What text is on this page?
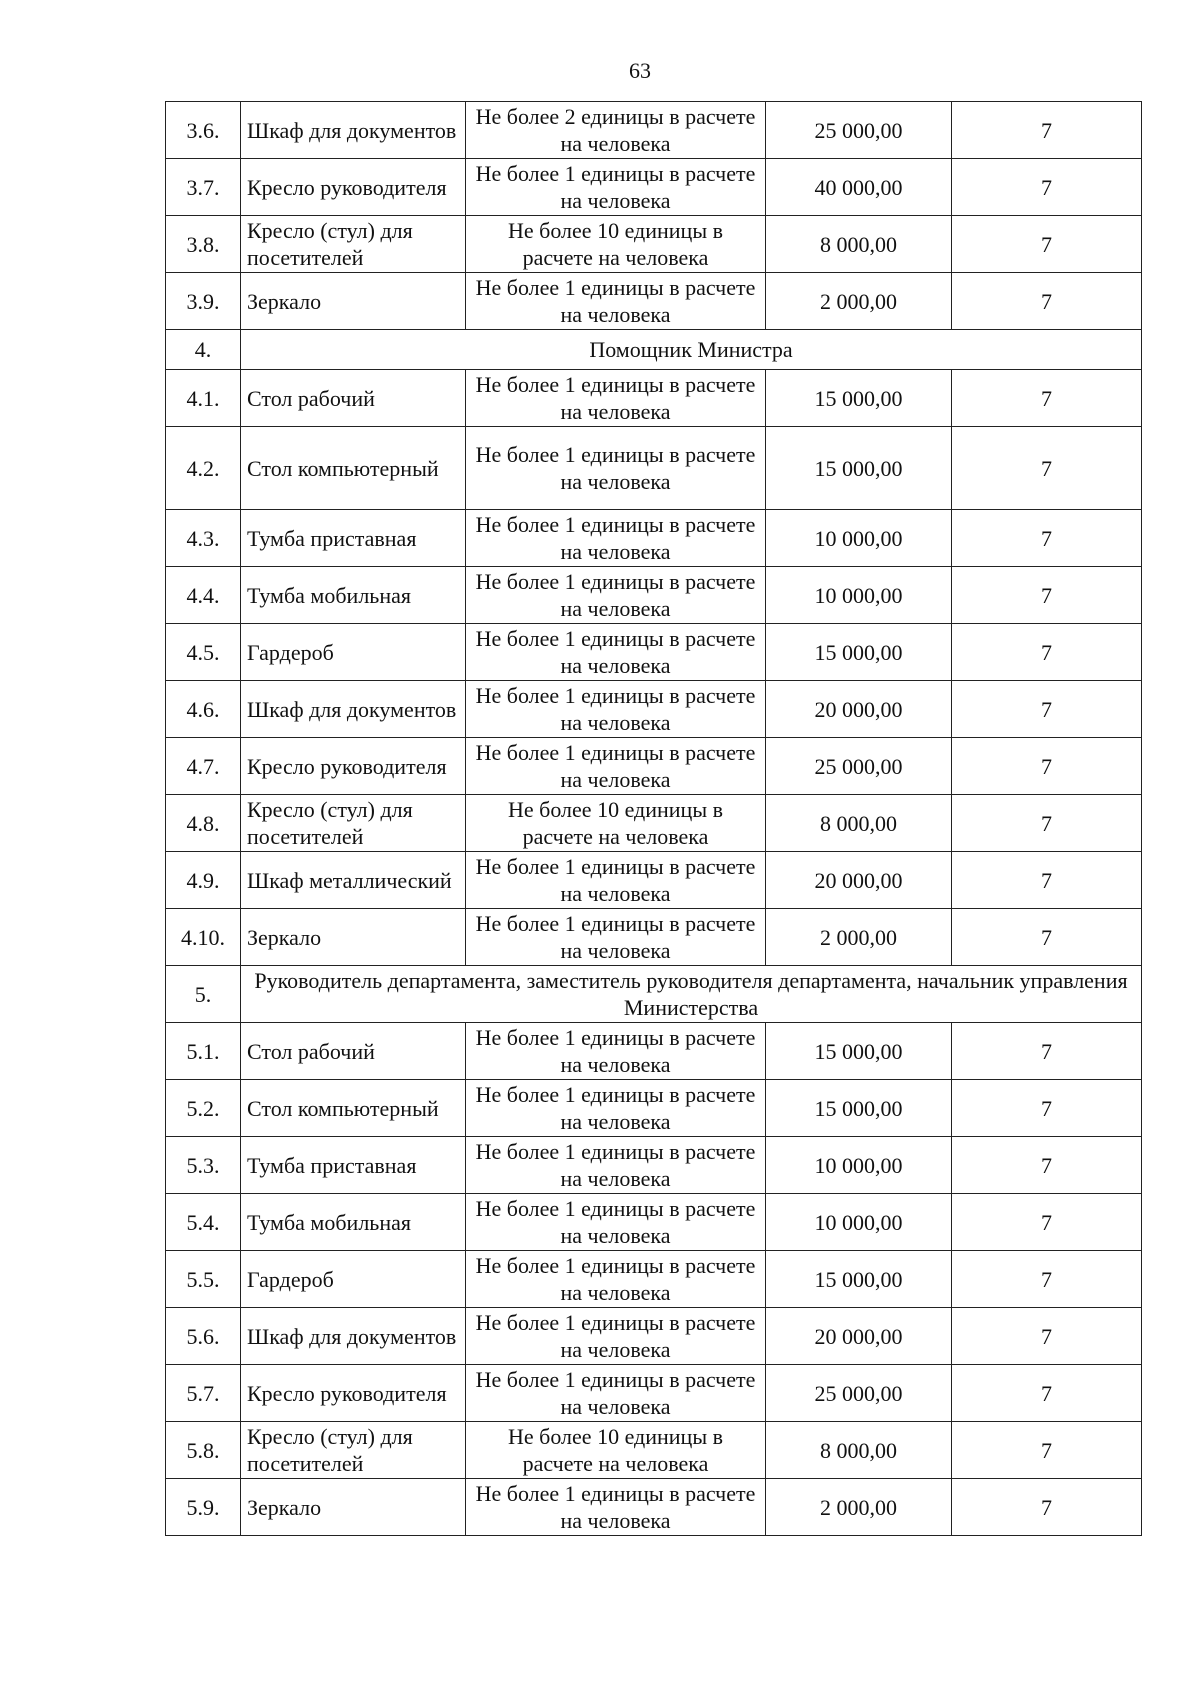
63
3.6.	Шкаф для документов	Не более 2 единицы в расчете на человека	25 000,00	7
3.7.	Кресло руководителя	Не более 1 единицы в расчете на человека	40 000,00	7
3.8.	Кресло (стул) для посетителей	Не более 10 единицы в расчете на человека	8 000,00	7
3.9.	Зеркало	Не более 1 единицы в расчете на человека	2 000,00	7
4.	Помощник Министра			
4.1.	Стол рабочий	Не более 1 единицы в расчете на человека	15 000,00	7
4.2.	Стол компьютерный	Не более 1 единицы в расчете на человека	15 000,00	7
4.3.	Тумба приставная	Не более 1 единицы в расчете на человека	10 000,00	7
4.4.	Тумба мобильная	Не более 1 единицы в расчете на человека	10 000,00	7
4.5.	Гардероб	Не более 1 единицы в расчете на человека	15 000,00	7
4.6.	Шкаф для документов	Не более 1 единицы в расчете на человека	20 000,00	7
4.7.	Кресло руководителя	Не более 1 единицы в расчете на человека	25 000,00	7
4.8.	Кресло (стул) для посетителей	Не более 10 единицы в расчете на человека	8 000,00	7
4.9.	Шкаф металлический	Не более 1 единицы в расчете на человека	20 000,00	7
4.10.	Зеркало	Не более 1 единицы в расчете на человека	2 000,00	7
5.	Руководитель департамента, заместитель руководителя департамента, начальник управления Министерства			
5.1.	Стол рабочий	Не более 1 единицы в расчете на человека	15 000,00	7
5.2.	Стол компьютерный	Не более 1 единицы в расчете на человека	15 000,00	7
5.3.	Тумба приставная	Не более 1 единицы в расчете на человека	10 000,00	7
5.4.	Тумба мобильная	Не более 1 единицы в расчете на человека	10 000,00	7
5.5.	Гардероб	Не более 1 единицы в расчете на человека	15 000,00	7
5.6.	Шкаф для документов	Не более 1 единицы в расчете на человека	20 000,00	7
5.7.	Кресло руководителя	Не более 1 единицы в расчете на человека	25 000,00	7
5.8.	Кресло (стул) для посетителей	Не более 10 единицы в расчете на человека	8 000,00	7
5.9.	Зеркало	Не более 1 единицы в расчете на человека	2 000,00	7
